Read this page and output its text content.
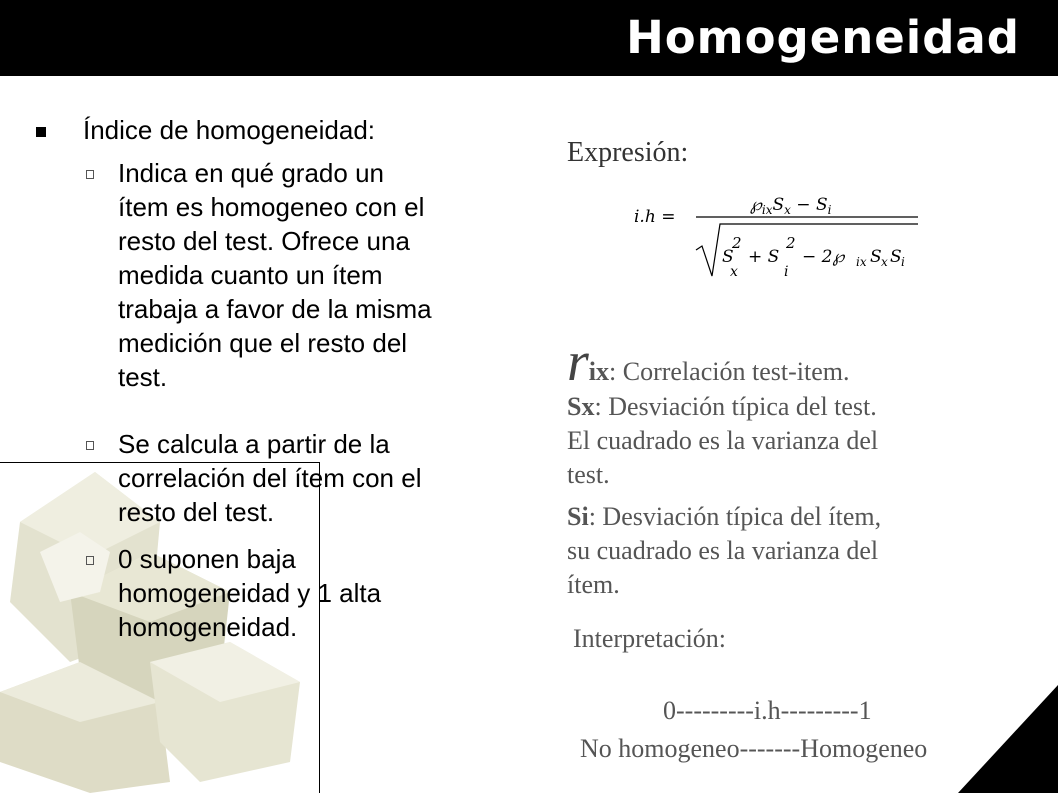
Homogeneidad
Índice de homogeneidad:
Indica en qué grado un
ítem es homogeneo con el
resto del test. Ofrece una
medida cuanto un ítem
trabaja a favor de la misma
medición que el resto del
test.
Se calcula a partir de la
correlación del ítem con el
resto del test.
0 suponen baja
homogeneidad y 1 alta
homogeneidad.
Expresión:
i.h =
$℘_{ix}S_x - S_i$
S
2
x
+ S
2
i
− 2℘ ix S x S i
rix: Correlación test-item.
Sx: Desviación típica del test.
El cuadrado es la varianza del
test.
Si: Desviación típica del ítem,
su cuadrado es la varianza del
ítem.
Interpretación:
0---------i.h---------1
No homogeneo-------Homogeneo
